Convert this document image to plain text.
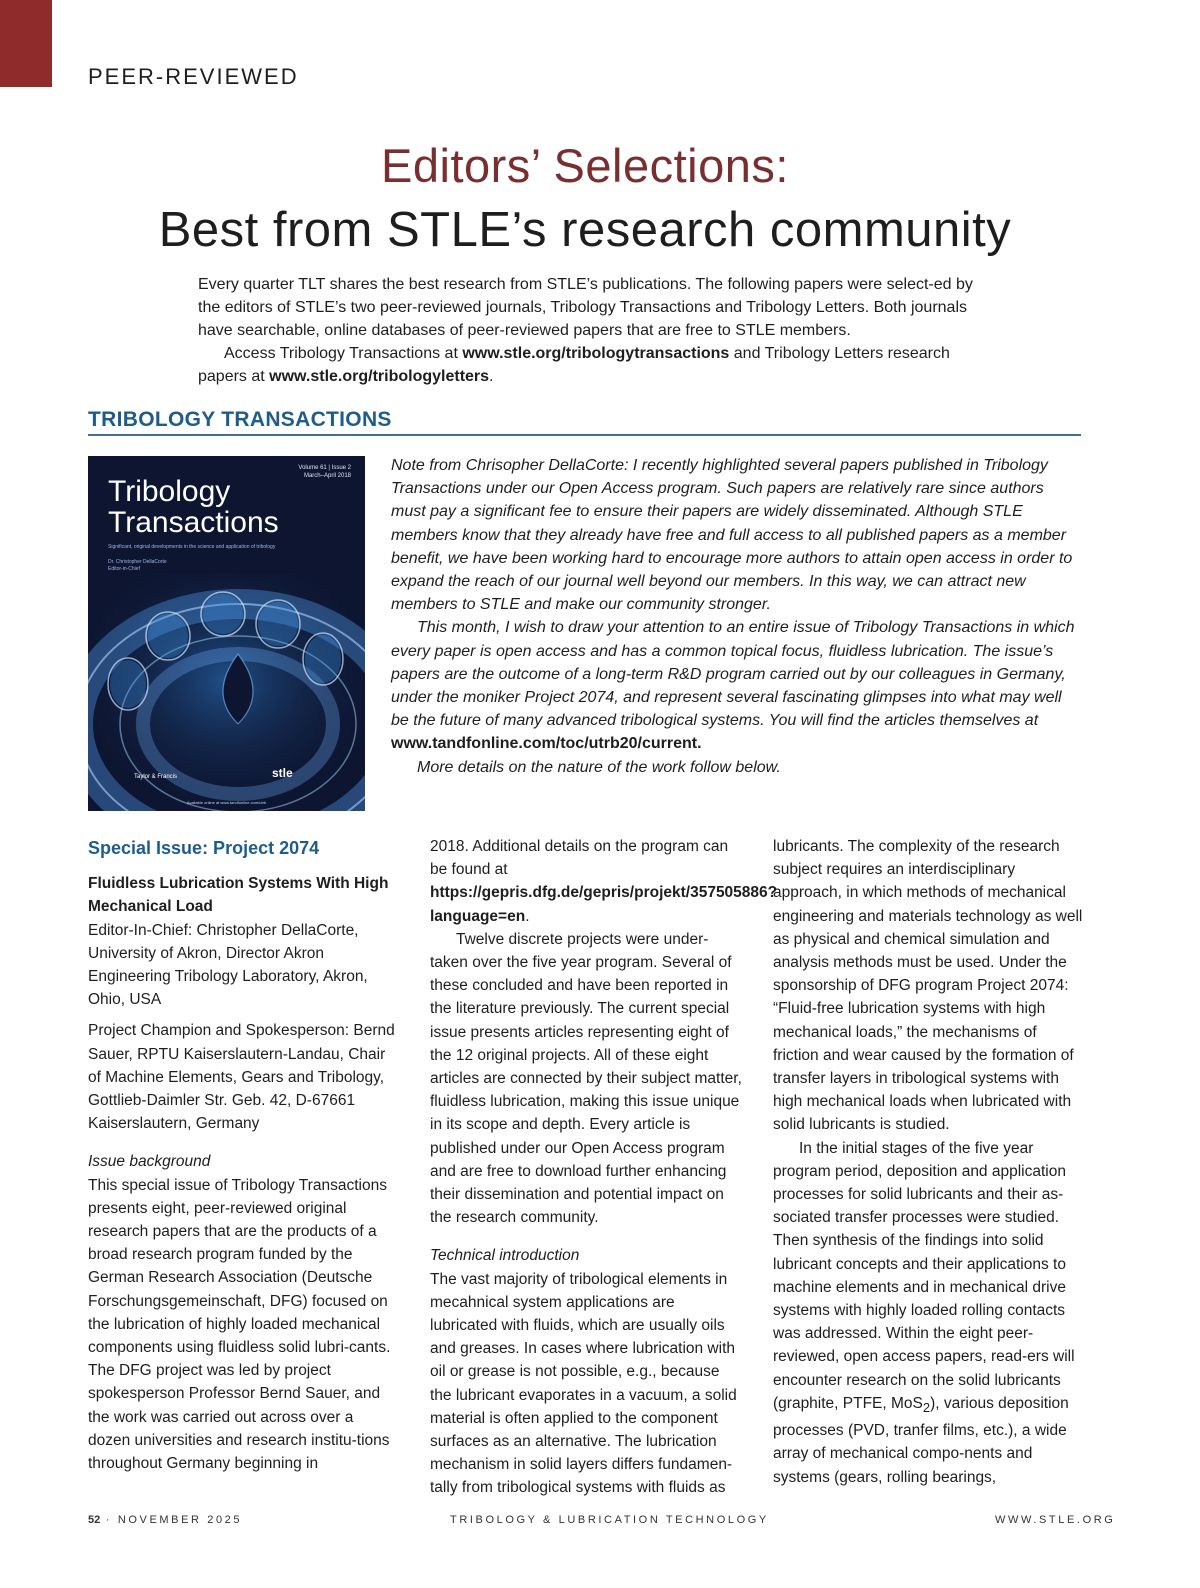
PEER-REVIEWED
Editors’ Selections:
Best from STLE’s research community

Every quarter TLT shares the best research from STLE’s publications. The following papers were select-ed by the editors of STLE’s two peer-reviewed journals, Tribology Transactions and Tribology Letters. Both journals have searchable, online databases of peer-reviewed papers that are free to STLE members.

Access Tribology Transactions at www.stle.org/tribologytransactions and Tribology Letters research papers at www.stle.org/tribologyletters.

TRIBOLOGY TRANSACTIONS
Volume 61 | Issue 2
March–April 2018
Tribology
Transactions
Significant, original developments in the science and application of tribology
Dr. Christopher DellaCorte
Editor-in-Chief
Taylor & Francis	stle
Available online at www.tandfonline.com/utrb

Note from Chrisopher DellaCorte: I recently highlighted several papers published in Tribology Transactions under our Open Access program. Such papers are relatively rare since authors must pay a significant fee to ensure their papers are widely disseminated. Although STLE members know that they already have free and full access to all published papers as a member benefit, we have been working hard to encourage more authors to attain open access in order to expand the reach of our journal well beyond our members. In this way, we can attract new members to STLE and make our community stronger.

This month, I wish to draw your attention to an entire issue of Tribology Transactions in which every paper is open access and has a common topical focus, fluidless lubrication. The issue’s papers are the outcome of a long-term R&D program carried out by our colleagues in Germany, under the moniker Project 2074, and represent several fascinating glimpses into what may well be the future of many advanced tribological systems. You will find the articles themselves at www.tandfonline.com/toc/utrb20/current.

More details on the nature of the work follow below.

Special Issue: Project 2074

Fluidless Lubrication Systems With High Mechanical Load

Editor-In-Chief: Christopher DellaCorte, University of Akron, Director Akron Engineering Tribology Laboratory, Akron, Ohio, USA

Project Champion and Spokesperson: Bernd Sauer, RPTU Kaiserslautern-Landau, Chair of Machine Elements, Gears and Tribology, Gottlieb-Daimler Str. Geb. 42, D-67661 Kaiserslautern, Germany

Issue background

This special issue of Tribology Transactions presents eight, peer-reviewed original research papers that are the products of a broad research program funded by the German Research Association (Deutsche Forschungsgemeinschaft, DFG) focused on the lubrication of highly loaded mechanical components using fluidless solid lubri-cants. The DFG project was led by project spokesperson Professor Bernd Sauer, and the work was carried out across over a dozen universities and research institu-tions throughout Germany beginning in

2018. Additional details on the program can be found at https://gepris.dfg.de/gepris/projekt/357505886?language=en.

Twelve discrete projects were under-taken over the five year program. Several of these concluded and have been reported in the literature previously. The current special issue presents articles representing eight of the 12 original projects. All of these eight articles are connected by their subject matter, fluidless lubrication, making this issue unique in its scope and depth. Every article is published under our Open Access program and are free to download further enhancing their dissemination and potential impact on the research community.

Technical introduction

The vast majority of tribological elements in mecahnical system applications are lubricated with fluids, which are usually oils and greases. In cases where lubrication with oil or grease is not possible, e.g., because the lubricant evaporates in a vacuum, a solid material is often applied to the component surfaces as an alternative. The lubrication mechanism in solid layers differs fundamen-tally from tribological systems with fluids as

lubricants. The complexity of the research subject requires an interdisciplinary approach, in which methods of mechanical engineering and materials technology as well as physical and chemical simulation and analysis methods must be used. Under the sponsorship of DFG program Project 2074: “Fluid-free lubrication systems with high mechanical loads,” the mechanisms of friction and wear caused by the formation of transfer layers in tribological systems with high mechanical loads when lubricated with solid lubricants is studied.

In the initial stages of the five year program period, deposition and application processes for solid lubricants and their as-sociated transfer processes were studied. Then synthesis of the findings into solid lubricant concepts and their applications to machine elements and in mechanical drive systems with highly loaded rolling contacts was addressed. Within the eight peer-reviewed, open access papers, read-ers will encounter research on the solid lubricants (graphite, PTFE, MoS$_2$), various deposition processes (PVD, tranfer films, etc.), a wide array of mechanical compo-nents and systems (gears, rolling bearings,

52 · NOVEMBER 2025	TRIBOLOGY & LUBRICATION TECHNOLOGY	WWW.STLE.ORG
